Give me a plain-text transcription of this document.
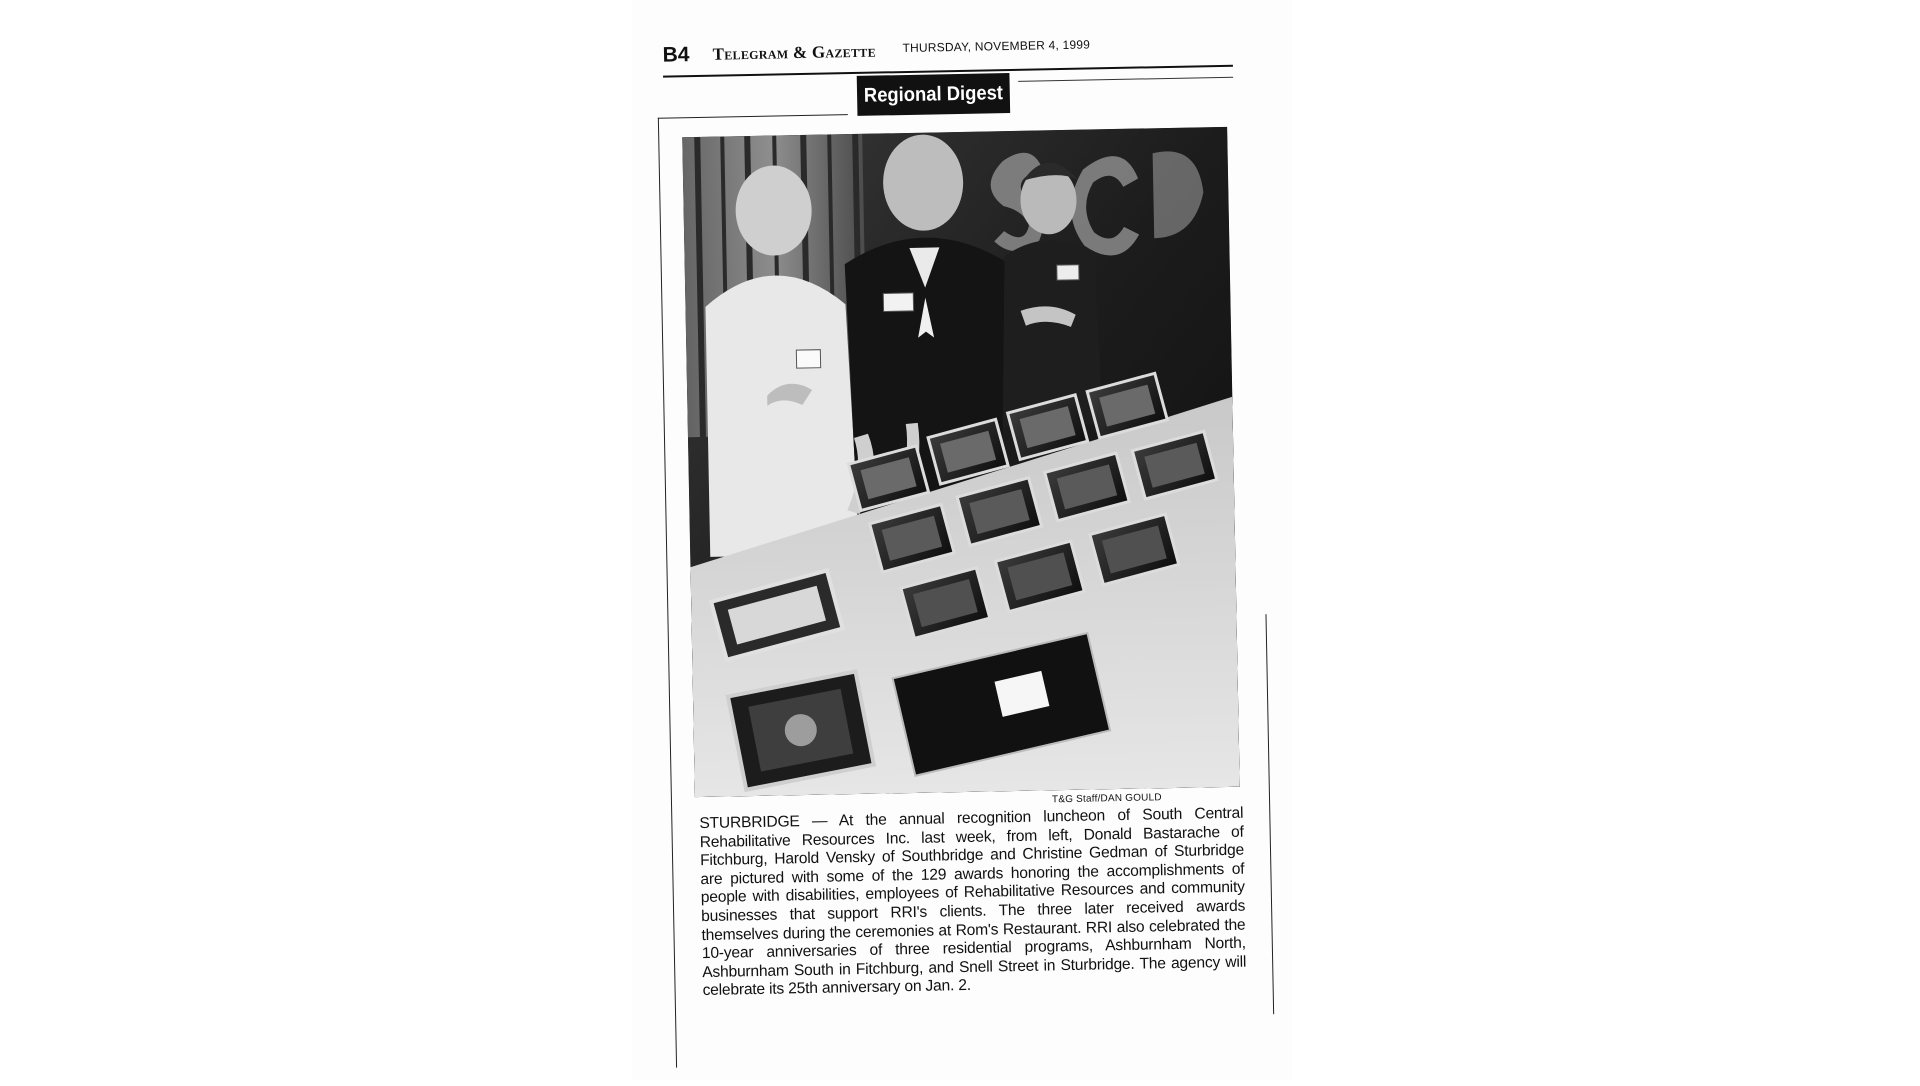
B4 Telegram & Gazette THURSDAY, NOVEMBER 4, 1999
Regional Digest
T&G Staff/DAN GOULD
STURBRIDGE — At the annual recognition luncheon of South Central Rehabilitative Resources Inc. last week, from left, Donald Bastarache of Fitchburg, Harold Vensky of Southbridge and Christine Gedman of Sturbridge are pictured with some of the 129 awards honoring the accomplishments of people with disabilities, employees of Rehabilitative Resources and community businesses that support RRI's clients. The three later received awards themselves during the ceremonies at Rom's Restaurant. RRI also celebrated the 10-year anniversaries of three residential programs, Ashburnham North, Ashburnham South in Fitchburg, and Snell Street in Sturbridge. The agency will celebrate its 25th anniversary on Jan. 2.
